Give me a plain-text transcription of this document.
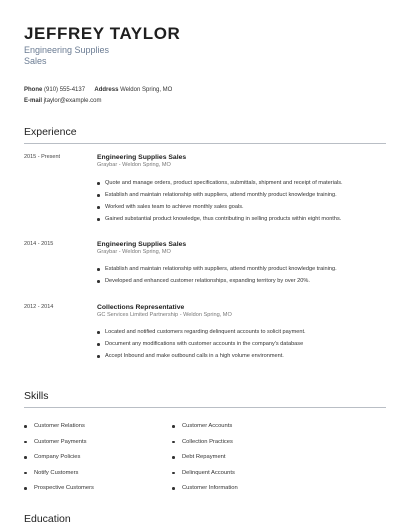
JEFFREY TAYLOR
Engineering Supplies
Sales
Phone (910) 555-4137 Address Weldon Spring, MO
E-mail jtaylor@example.com
Experience
2015 - Present	Engineering Supplies Sales
Graybar - Weldon Spring, MO
Quote and manage orders, product specifications, submittals, shipment and receipt of materials.
Establish and maintain relationship with suppliers, attend monthly product knowledge training.
Worked with sales team to achieve monthly sales goals.
Gained substantial product knowledge, thus contributing in selling products within eight months.
2014 - 2015	Engineering Supplies Sales
Graybar - Weldon Spring, MO
Establish and maintain relationship with suppliers, attend monthly product knowledge training.
Developed and enhanced customer relationships, expanding territory by over 20%.
2012 - 2014	Collections Representative
GC Services Limited Partnership - Weldon Spring, MO
Located and notified customers regarding delinquent accounts to solicit payment.
Document any modifications with customer accounts in the company's database
Accept Inbound and make outbound calls in a high volume environment.
Skills
Customer Relations
Customer Payments
Company Policies
Notify Customers
Prospective Customers
Customer Accounts
Collection Practices
Debt Repayment
Delinquent Accounts
Customer Information
Education
